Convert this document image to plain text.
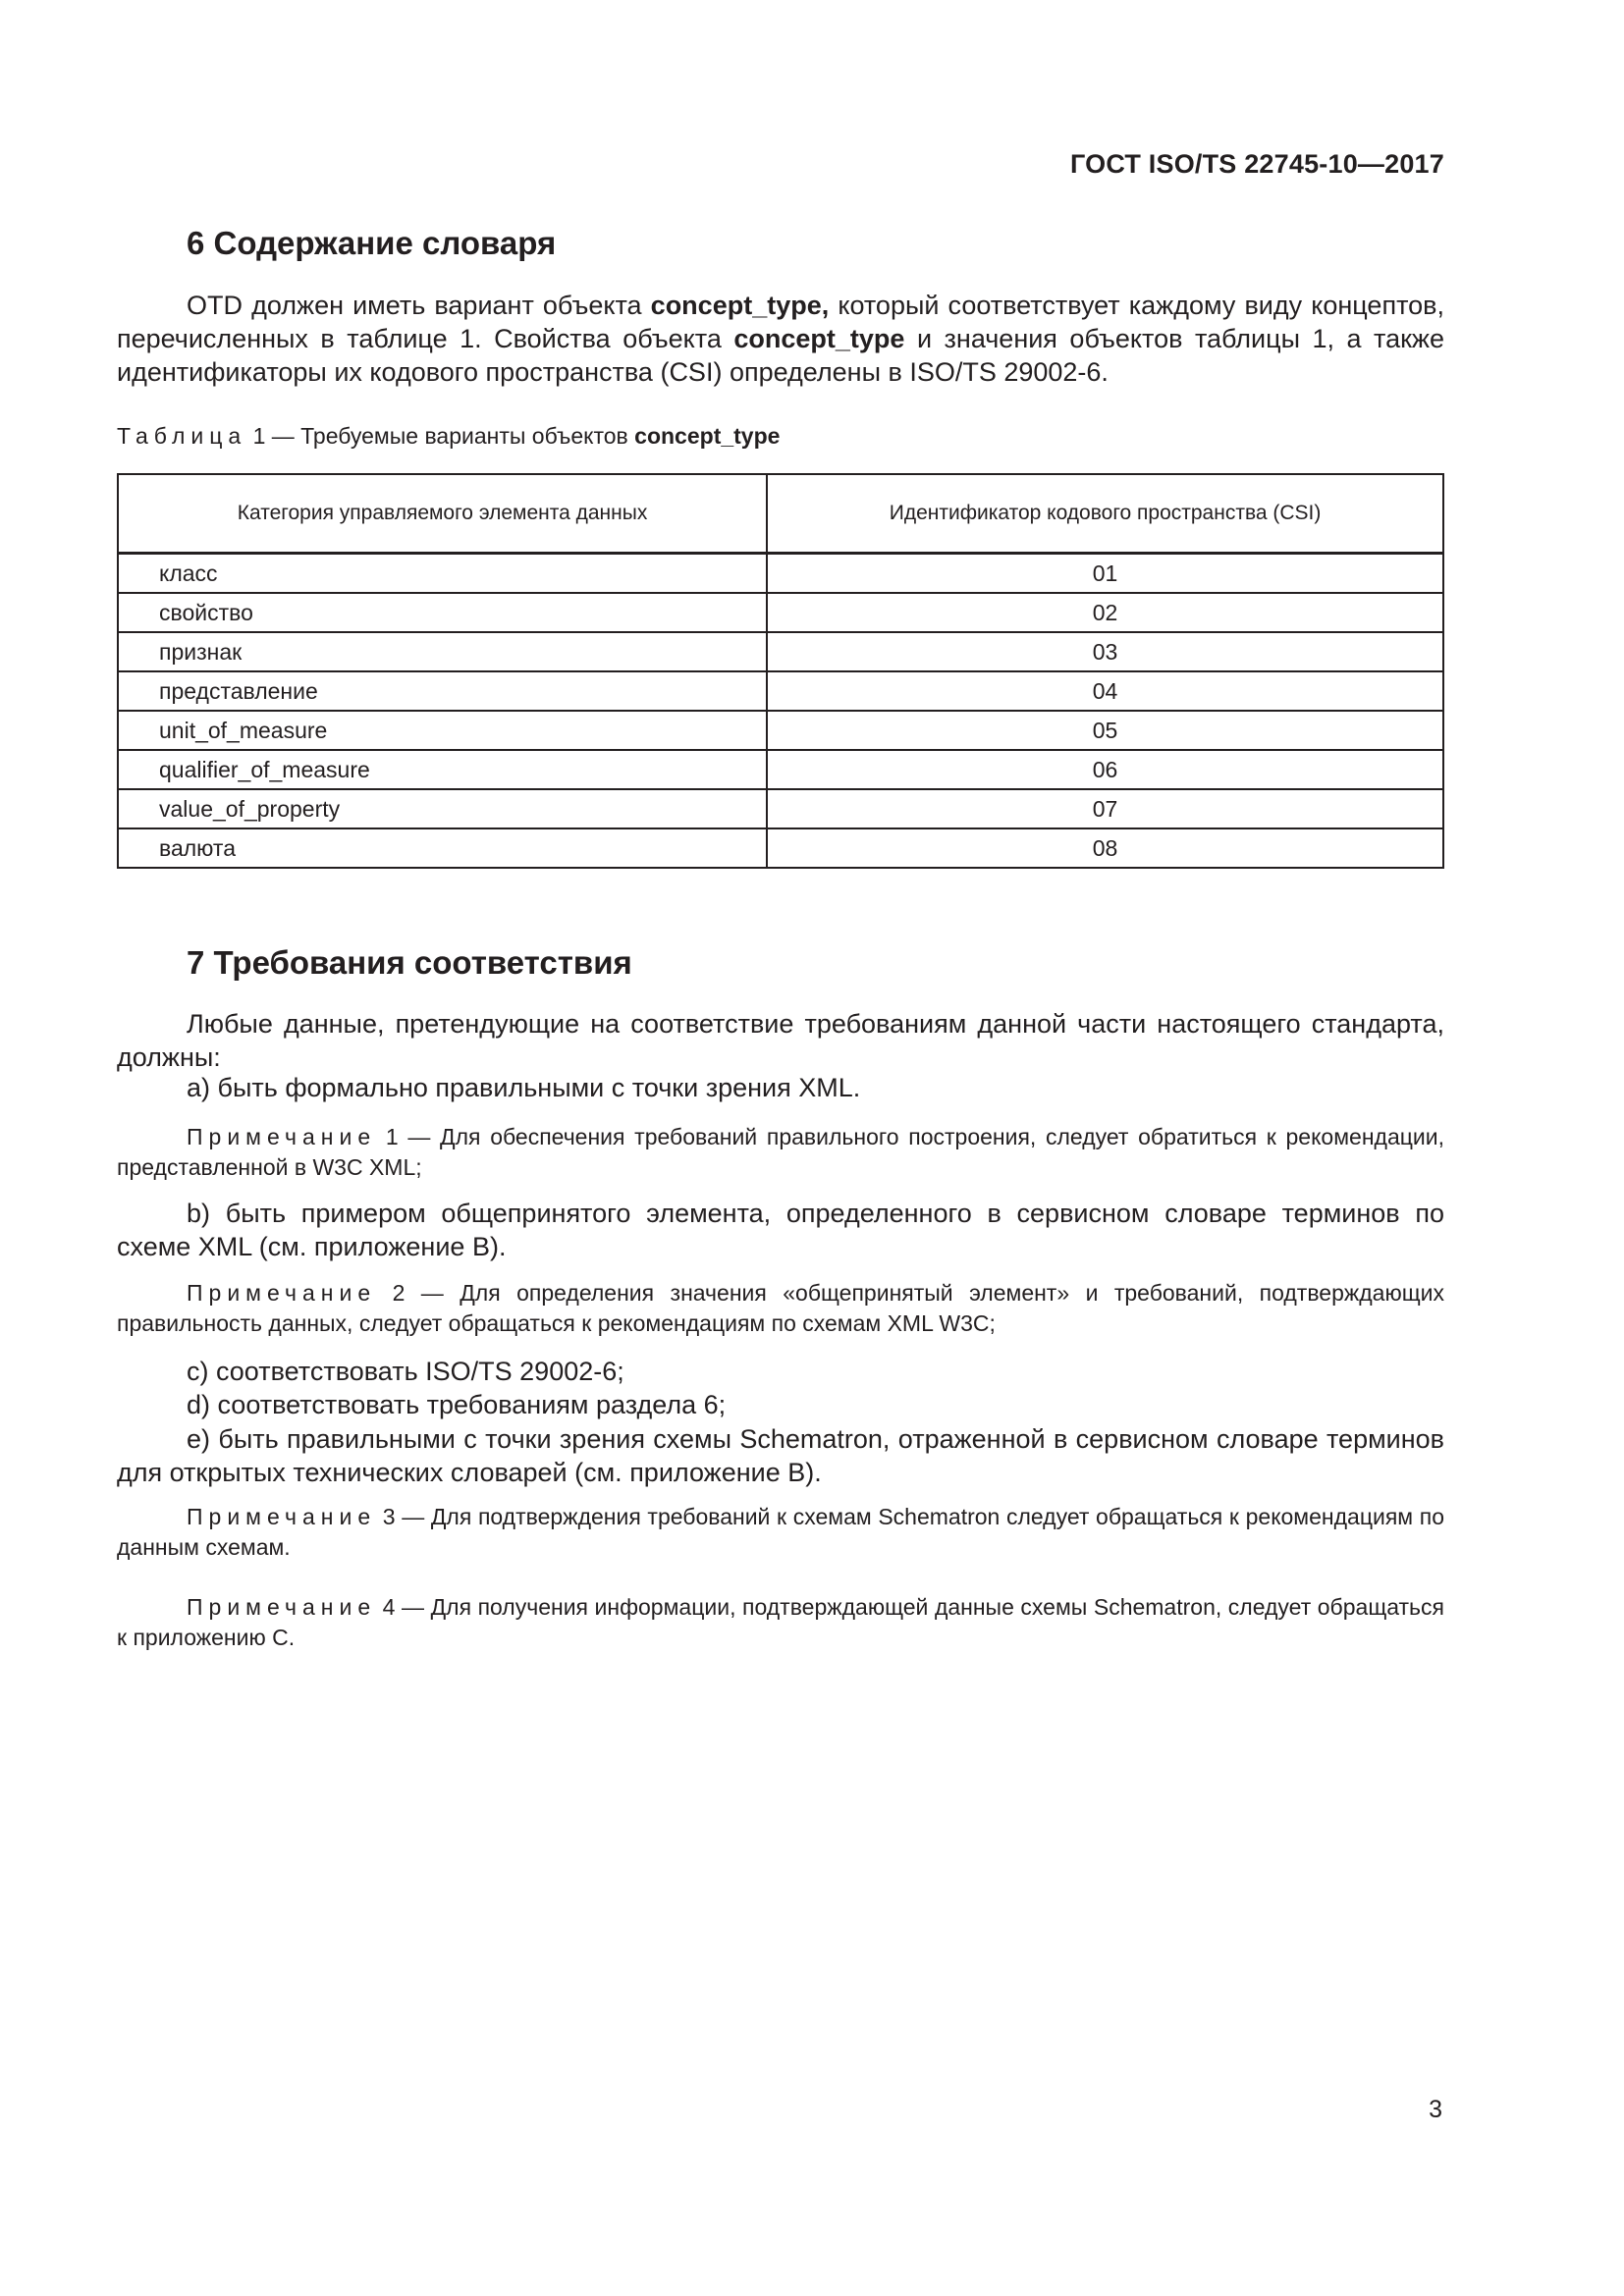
ГОСТ ISO/TS 22745-10—2017
6 Содержание словаря

OTD должен иметь вариант объекта concept_type, который соответствует каждому виду концептов, перечисленных в таблице 1. Свойства объекта concept_type и значения объектов таблицы 1, а также идентификаторы их кодового пространства (CSI) определены в ISO/TS 29002-6.

Таблица 1 — Требуемые варианты объектов concept_type
Категория управляемого элемента данных	Идентификатор кодового пространства (CSI)
класс	01
свойство	02
признак	03
представление	04
unit_of_measure	05
qualifier_of_measure	06
value_of_property	07
валюта	08
7 Требования соответствия

Любые данные, претендующие на соответствие требованиям данной части настоящего стандарта, должны:

a) быть формально правильными с точки зрения XML.

Примечание 1 — Для обеспечения требований правильного построения, следует обратиться к рекомендации, представленной в W3C XML;

b) быть примером общепринятого элемента, определенного в сервисном словаре терминов по схеме XML (см. приложение B).

Примечание 2 — Для определения значения «общепринятый элемент» и требований, подтверждающих правильность данных, следует обращаться к рекомендациям по схемам XML W3C;

c) соответствовать ISO/TS 29002-6;
d) соответствовать требованиям раздела 6;

e) быть правильными с точки зрения схемы Schematron, отраженной в сервисном словаре терминов для открытых технических словарей (см. приложение B).

Примечание 3 — Для подтверждения требований к схемам Schematron следует обращаться к рекомендациям по данным схемам.

Примечание 4 — Для получения информации, подтверждающей данные схемы Schematron, следует обращаться к приложению C.

3
